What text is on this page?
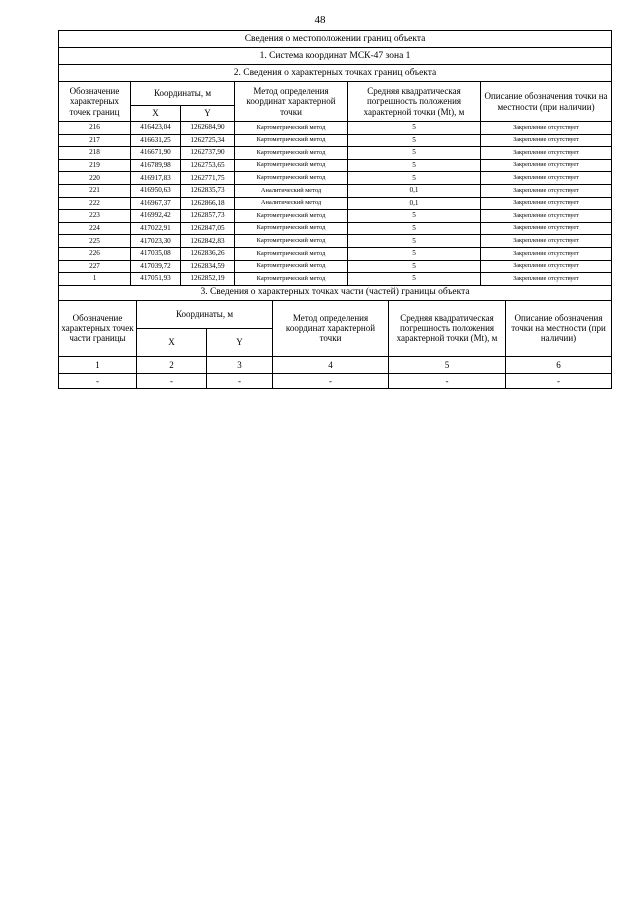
48
Сведения о местоположении границ объекта					
1. Система координат МСК-47 зона 1					
2. Сведения о характерных точках границ объекта					
Обозначение характерных точек границ	Координаты, м		Метод определения координат характерной точки	Средняя квадратическая погрешность положения характерной точки (Mt), м	Описание обозначения точки на местности (при наличии)
	X	Y			
216	416423,04	1262684,90	Картометрический метод	5	Закрепление отсутствует
217	416631,25	1262725,34	Картометрический метод	5	Закрепление отсутствует
218	416671,90	1262737,90	Картометрический метод	5	Закрепление отсутствует
219	416789,98	1262753,65	Картометрический метод	5	Закрепление отсутствует
220	416917,83	1262771,75	Картометрический метод	5	Закрепление отсутствует
221	416950,63	1262835,73	Аналитический метод	0,1	Закрепление отсутствует
222	416967,37	1262866,18	Аналитический метод	0,1	Закрепление отсутствует
223	416992,42	1262857,73	Картометрический метод	5	Закрепление отсутствует
224	417022,91	1262847,05	Картометрический метод	5	Закрепление отсутствует
225	417023,30	1262842,83	Картометрический метод	5	Закрепление отсутствует
226	417035,08	1262836,26	Картометрический метод	5	Закрепление отсутствует
227	417039,72	1262834,59	Картометрический метод	5	Закрепление отсутствует
1	417051,93	1262852,19	Картометрический метод	5	Закрепление отсутствует
3. Сведения о характерных точках части (частей) границы объекта					
Обозначение характерных точек части границы	Координаты, м		Метод определения координат характерной точки	Средняя квадратическая погрешность положения характерной точки (Mt), м	Описание обозначения точки на местности (при наличии)
	X	Y			
1	2	3	4	5	6
-	-	-	-	-	-
